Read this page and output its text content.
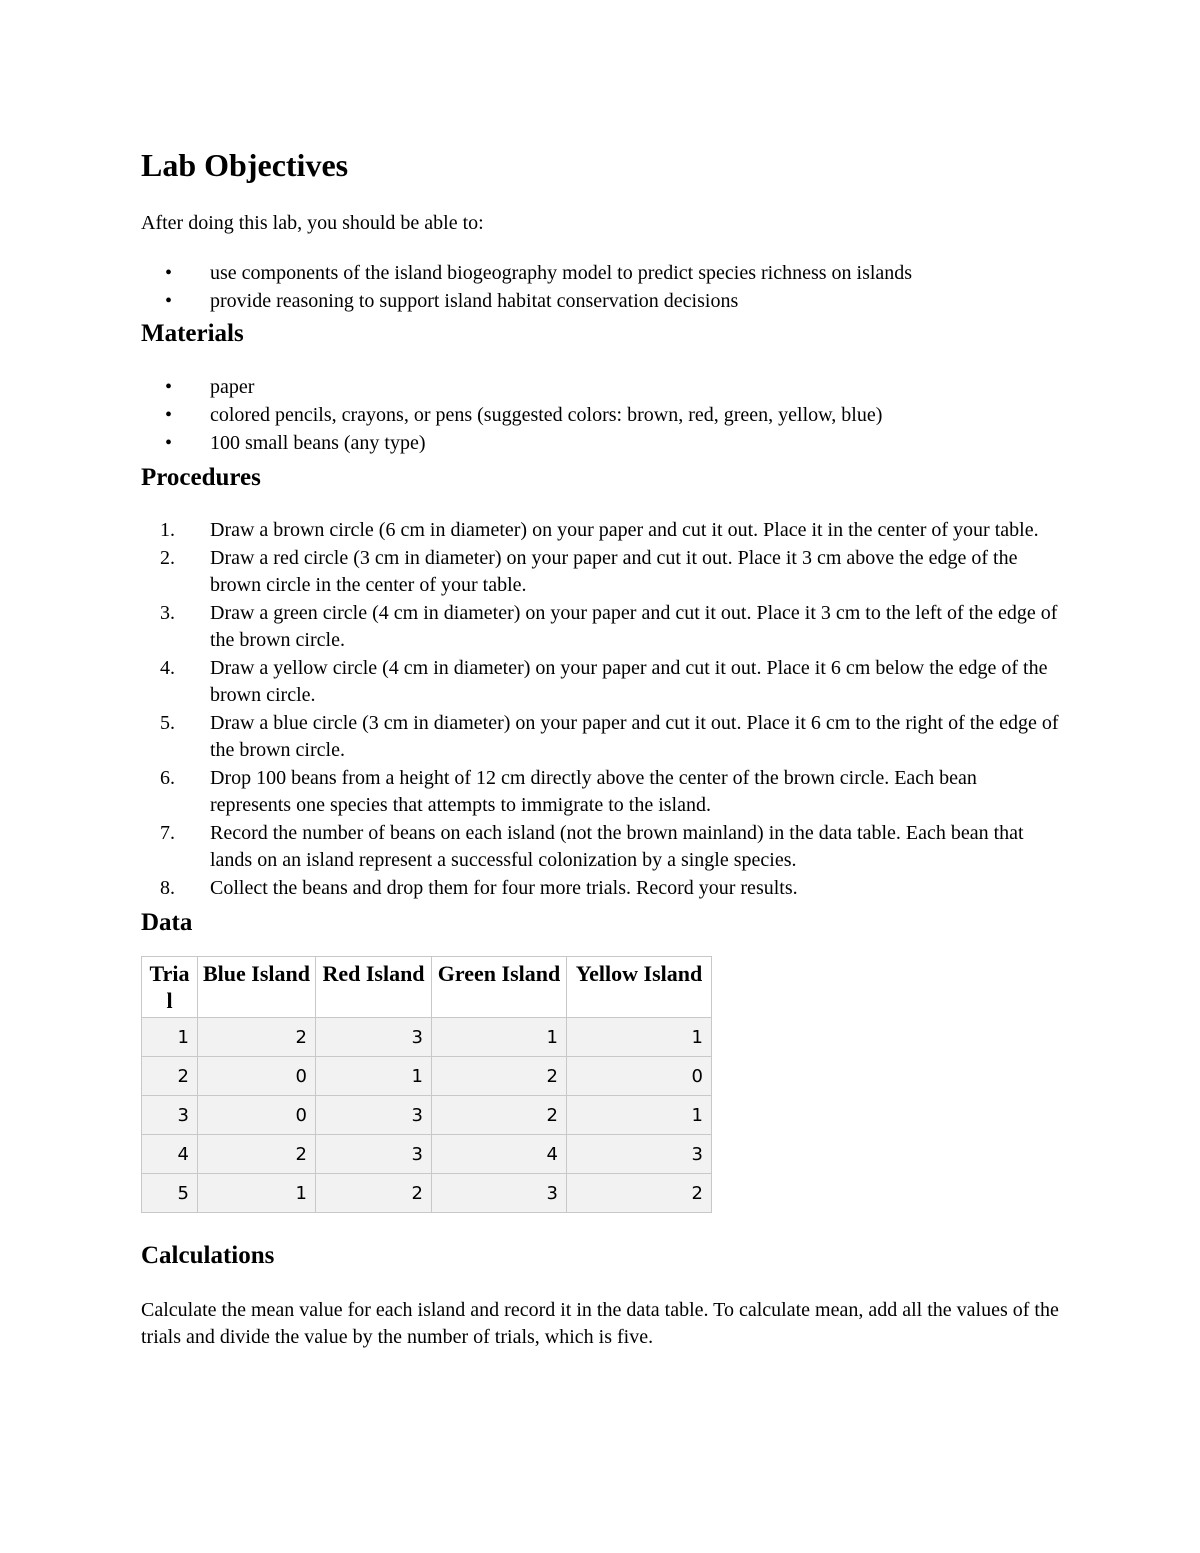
Lab Objectives

After doing this lab, you should be able to:

• use components of the island biogeography model to predict species richness on islands
• provide reasoning to support island habitat conservation decisions
Materials
• paper
• colored pencils, crayons, or pens (suggested colors: brown, red, green, yellow, blue)
• 100 small beans (any type)
Procedures
1. Draw a brown circle (6 cm in diameter) on your paper and cut it out. Place it in the center of your table.
2. Draw a red circle (3 cm in diameter) on your paper and cut it out. Place it 3 cm above the edge of the brown circle in the center of your table.
3. Draw a green circle (4 cm in diameter) on your paper and cut it out. Place it 3 cm to the left of the edge of the brown circle.
4. Draw a yellow circle (4 cm in diameter) on your paper and cut it out. Place it 6 cm below the edge of the brown circle.
5. Draw a blue circle (3 cm in diameter) on your paper and cut it out. Place it 6 cm to the right of the edge of the brown circle.
6. Drop 100 beans from a height of 12 cm directly above the center of the brown circle. Each bean represents one species that attempts to immigrate to the island.
7. Record the number of beans on each island (not the brown mainland) in the data table. Each bean that lands on an island represent a successful colonization by a single species.
8. Collect the beans and drop them for four more trials. Record your results.
Data
Tria l	Blue Island	Red Island	Green Island	Yellow Island
1	2	3	1	1
2	0	1	2	0
3	0	3	2	1
4	2	3	4	3
5	1	2	3	2
Calculations

Calculate the mean value for each island and record it in the data table. To calculate mean, add all the values of the trials and divide the value by the number of trials, which is five.
